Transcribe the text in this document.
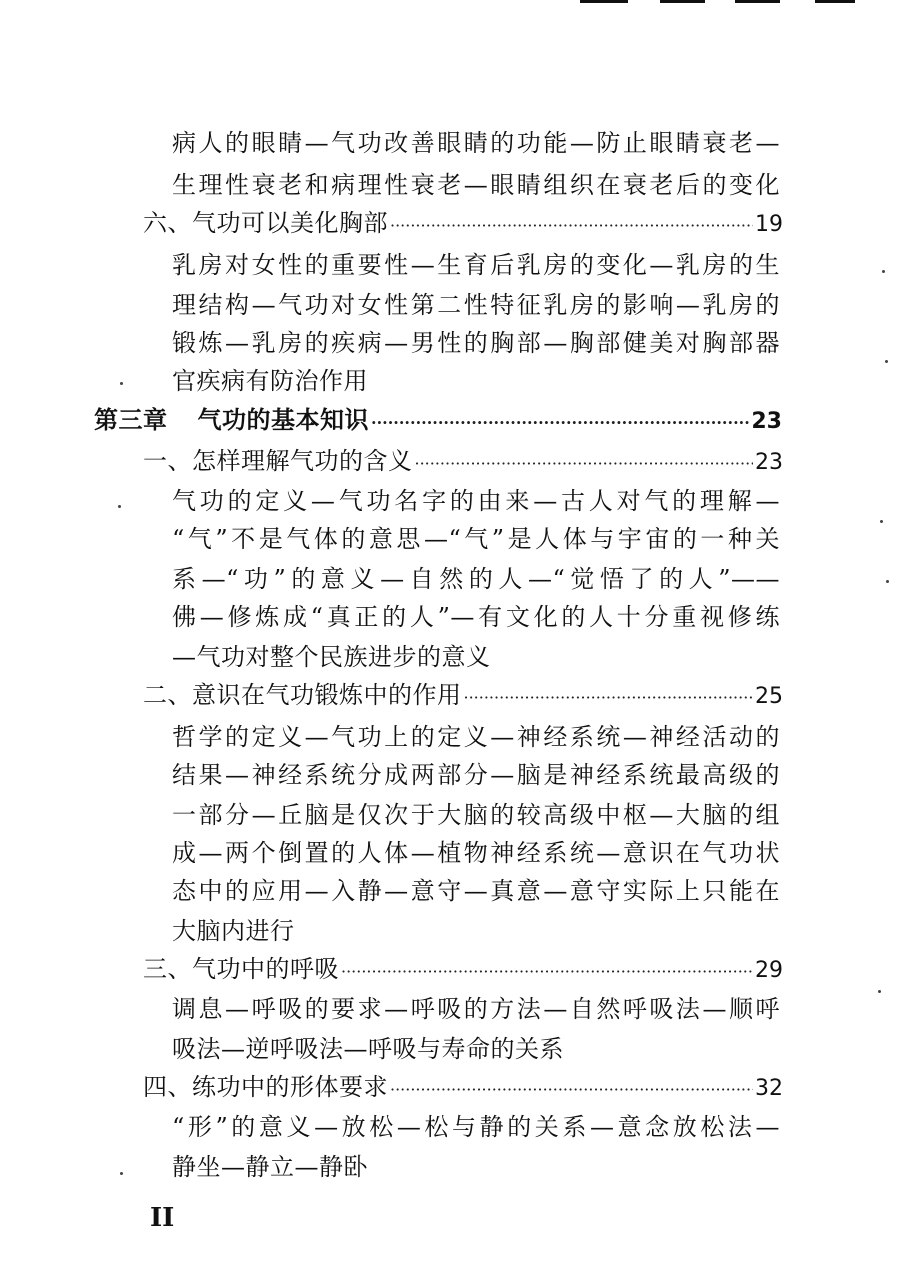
病人的眼睛—气功改善眼睛的功能—防止眼睛衰老—
生理性衰老和病理性衰老—眼睛组织在衰老后的变化
六、气功可以美化胸部 ·····	19
乳房对女性的重要性—生育后乳房的变化—乳房的生
理结构—气功对女性第二性特征乳房的影响—乳房的
锻炼—乳房的疾病—男性的胸部—胸部健美对胸部器
官疾病有防治作用
第三章 气功的基本知识 ·····	23
一、怎样理解气功的含义 ·····	23
气功的定义—气功名字的由来—古人对气的理解—
“气”不是气体的意思—“气”是人体与宇宙的一种关
系—“功”的意义—自然的人—“觉悟了的人”——
佛—修炼成“真正的人”—有文化的人十分重视修练
—气功对整个民族进步的意义
二、意识在气功锻炼中的作用 ·····	25
哲学的定义—气功上的定义—神经系统—神经活动的
结果—神经系统分成两部分—脑是神经系统最高级的
一部分—丘脑是仅次于大脑的较高级中枢—大脑的组
成—两个倒置的人体—植物神经系统—意识在气功状
态中的应用—入静—意守—真意—意守实际上只能在
大脑内进行
三、气功中的呼吸 ·····	29
调息—呼吸的要求—呼吸的方法—自然呼吸法—顺呼
吸法—逆呼吸法—呼吸与寿命的关系
四、练功中的形体要求 ·····	32
“形”的意义—放松—松与静的关系—意念放松法—
静坐—静立—静卧
II
